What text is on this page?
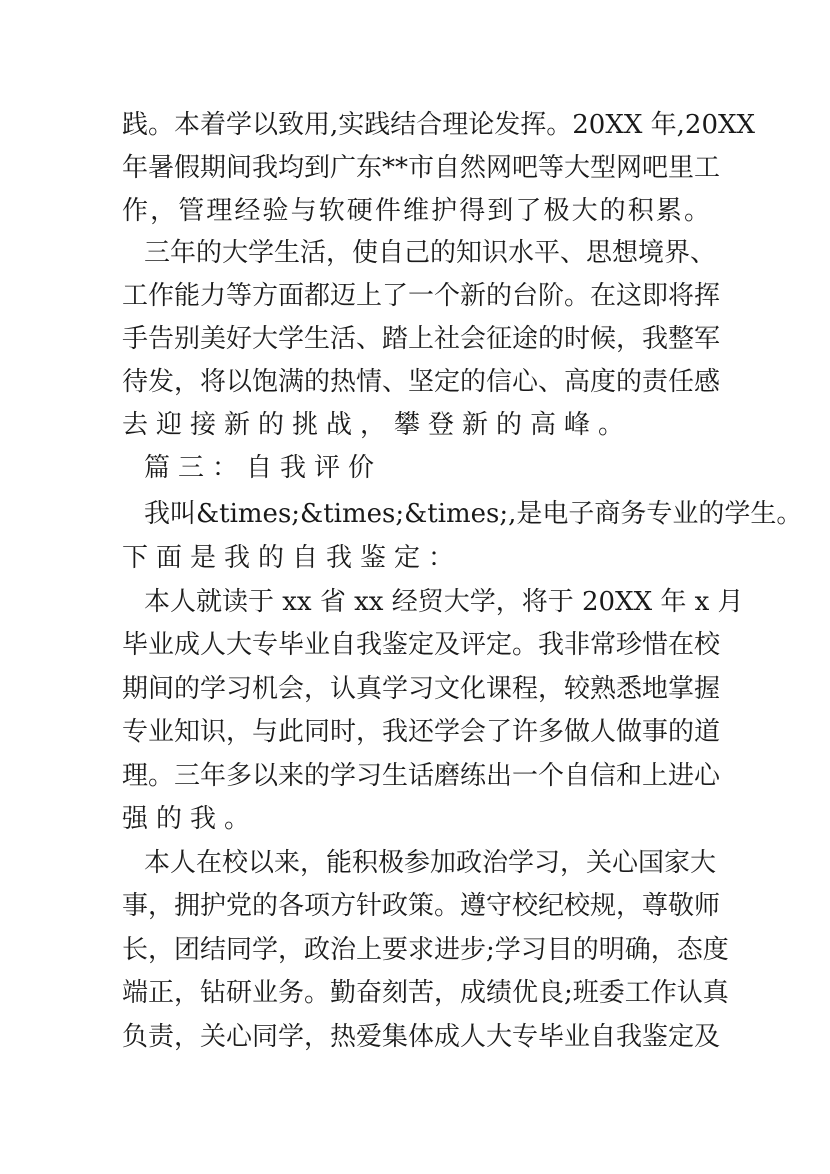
践。本着学以致用,实践结合理论发挥。20XX 年,20XX
年暑假期间我均到广东**市自然网吧等大型网吧里工
作，管理经验与软硬件维护得到了极大的积累。
三年的大学生活，使自己的知识水平、思想境界、
工作能力等方面都迈上了一个新的台阶。在这即将挥
手告别美好大学生活、踏上社会征途的时候，我整军
待发，将以饱满的热情、坚定的信心、高度的责任感
去迎接新的挑战，攀登新的高峰。
篇三：自我评价
我叫&times;&times;&times;,是电子商务专业的学生。
下面是我的自我鉴定：
本人就读于 xx 省 xx 经贸大学，将于 20XX 年 x 月
毕业成人大专毕业自我鉴定及评定。我非常珍惜在校
期间的学习机会，认真学习文化课程，较熟悉地掌握
专业知识，与此同时，我还学会了许多做人做事的道
理。三年多以来的学习生话磨练出一个自信和上进心
强的我。
本人在校以来，能积极参加政治学习，关心国家大
事，拥护党的各项方针政策。遵守校纪校规，尊敬师
长，团结同学，政治上要求进步;学习目的明确，态度
端正，钻研业务。勤奋刻苦，成绩优良;班委工作认真
负责，关心同学，热爱集体成人大专毕业自我鉴定及
